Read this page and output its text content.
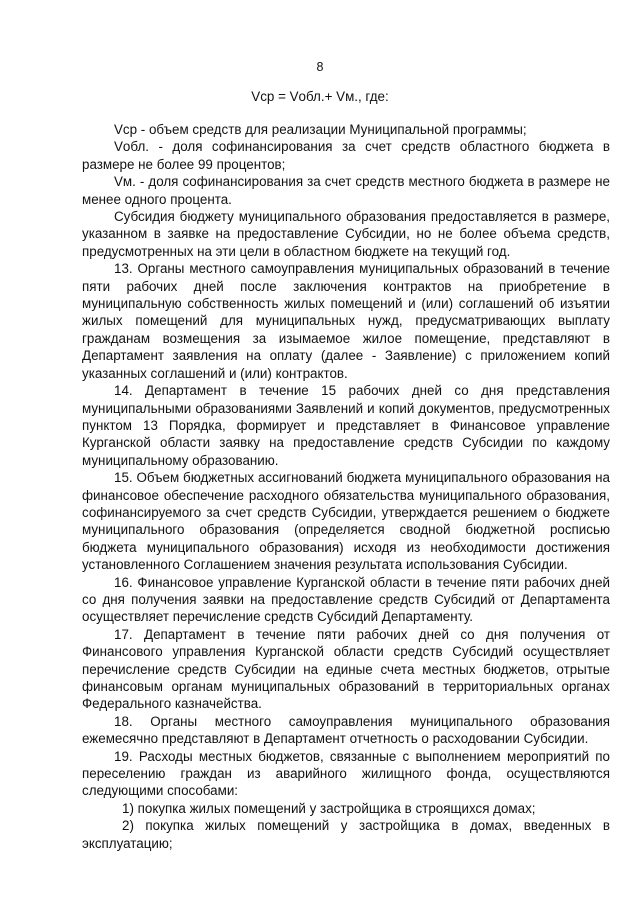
8
Vср = Vобл.+ Vм., где:

Vср - объем средств для реализации Муниципальной программы;

Vобл. - доля софинансирования за счет средств областного бюджета в размере не более 99 процентов;

Vм. - доля софинансирования за счет средств местного бюджета в размере не менее одного процента.

Субсидия бюджету муниципального образования предоставляется в размере, указанном в заявке на предоставление Субсидии, но не более объема средств, предусмотренных на эти цели в областном бюджете на текущий год.

13. Органы местного самоуправления муниципальных образований в течение пяти рабочих дней после заключения контрактов на приобретение в муниципальную собственность жилых помещений и (или) соглашений об изъятии жилых помещений для муниципальных нужд, предусматривающих выплату гражданам возмещения за изымаемое жилое помещение, представляют в Департамент заявления на оплату (далее - Заявление) с приложением копий указанных соглашений и (или) контрактов.

14. Департамент в течение 15 рабочих дней со дня представления муниципальными образованиями Заявлений и копий документов, предусмотренных пунктом 13 Порядка, формирует и представляет в Финансовое управление Курганской области заявку на предоставление средств Субсидии по каждому муниципальному образованию.

15. Объем бюджетных ассигнований бюджета муниципального образования на финансовое обеспечение расходного обязательства муниципального образования, софинансируемого за счет средств Субсидии, утверждается решением о бюджете муниципального образования (определяется сводной бюджетной росписью бюджета муниципального образования) исходя из необходимости достижения установленного Соглашением значения результата использования Субсидии.

16. Финансовое управление Курганской области в течение пяти рабочих дней со дня получения заявки на предоставление средств Субсидий от Департамента осуществляет перечисление средств Субсидий Департаменту.

17. Департамент в течение пяти рабочих дней со дня получения от Финансового управления Курганской области средств Субсидий осуществляет перечисление средств Субсидии на единые счета местных бюджетов, отрытые финансовым органам муниципальных образований в территориальных органах Федерального казначейства.

18. Органы местного самоуправления муниципального образования ежемесячно представляют в Департамент отчетность о расходовании Субсидии.

19. Расходы местных бюджетов, связанные с выполнением мероприятий по переселению граждан из аварийного жилищного фонда, осуществляются следующими способами:

1) покупка жилых помещений у застройщика в строящихся домах;

2) покупка жилых помещений у застройщика в домах, введенных в эксплуатацию;
